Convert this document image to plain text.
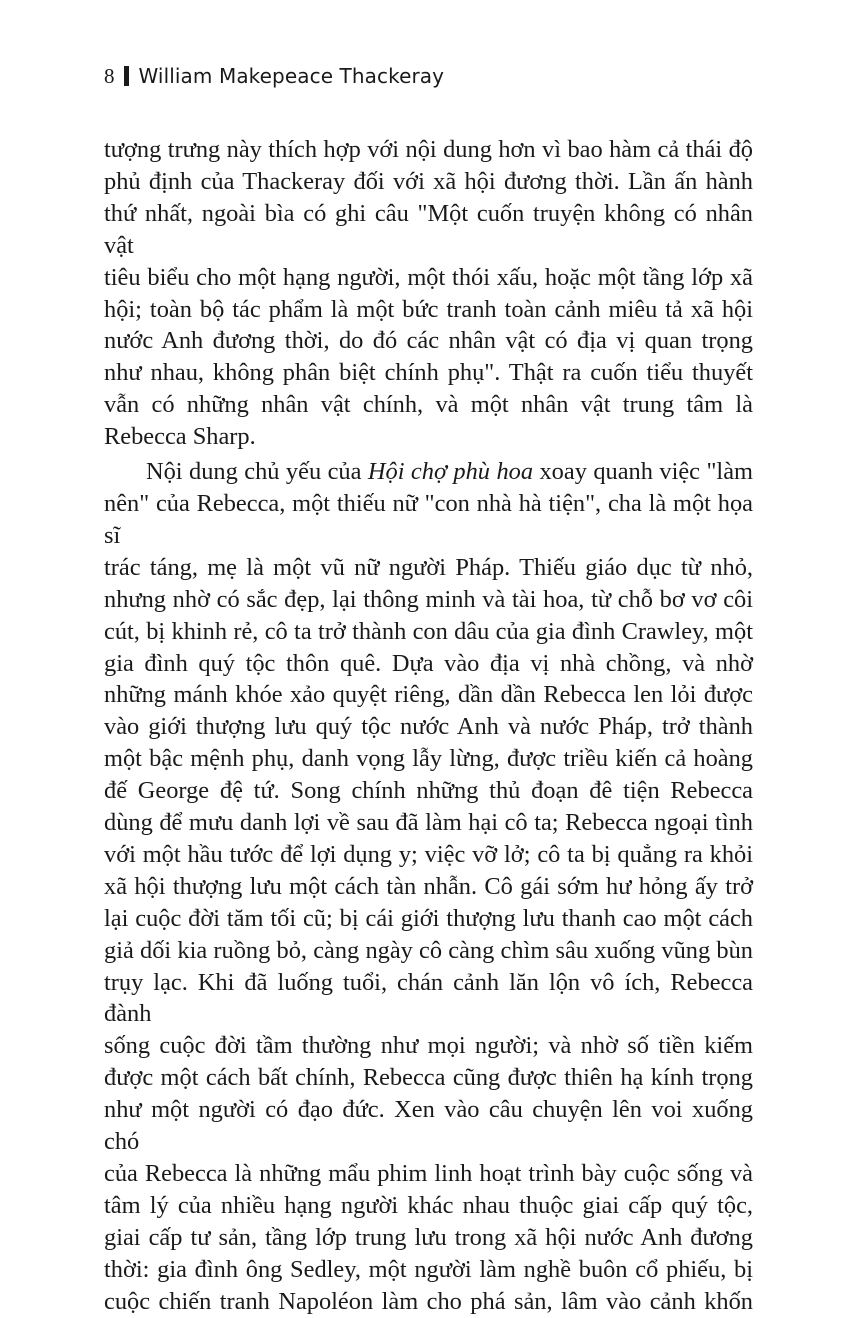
8 William Makepeace Thackeray

tượng trưng này thích hợp với nội dung hơn vì bao hàm cả thái độ

phủ định của Thackeray đối với xã hội đương thời. Lần ấn hành

thứ nhất, ngoài bìa có ghi câu "Một cuốn truyện không có nhân vật

tiêu biểu cho một hạng người, một thói xấu, hoặc một tầng lớp xã

hội; toàn bộ tác phẩm là một bức tranh toàn cảnh miêu tả xã hội

nước Anh đương thời, do đó các nhân vật có địa vị quan trọng

như nhau, không phân biệt chính phụ". Thật ra cuốn tiểu thuyết

vẫn có những nhân vật chính, và một nhân vật trung tâm là

Rebecca Sharp.

Nội dung chủ yếu của Hội chợ phù hoa xoay quanh việc "làm

nên" của Rebecca, một thiếu nữ "con nhà hà tiện", cha là một họa sĩ

trác táng, mẹ là một vũ nữ người Pháp. Thiếu giáo dục từ nhỏ,

nhưng nhờ có sắc đẹp, lại thông minh và tài hoa, từ chỗ bơ vơ côi

cút, bị khinh rẻ, cô ta trở thành con dâu của gia đình Crawley, một

gia đình quý tộc thôn quê. Dựa vào địa vị nhà chồng, và nhờ

những mánh khóe xảo quyệt riêng, dần dần Rebecca len lỏi được

vào giới thượng lưu quý tộc nước Anh và nước Pháp, trở thành

một bậc mệnh phụ, danh vọng lẫy lừng, được triều kiến cả hoàng

đế George đệ tứ. Song chính những thủ đoạn đê tiện Rebecca

dùng để mưu danh lợi về sau đã làm hại cô ta; Rebecca ngoại tình

với một hầu tước để lợi dụng y; việc vỡ lở; cô ta bị quẳng ra khỏi

xã hội thượng lưu một cách tàn nhẫn. Cô gái sớm hư hỏng ấy trở

lại cuộc đời tăm tối cũ; bị cái giới thượng lưu thanh cao một cách

giả dối kia ruồng bỏ, càng ngày cô càng chìm sâu xuống vũng bùn

trụy lạc. Khi đã luống tuổi, chán cảnh lăn lộn vô ích, Rebecca đành

sống cuộc đời tầm thường như mọi người; và nhờ số tiền kiếm

được một cách bất chính, Rebecca cũng được thiên hạ kính trọng

như một người có đạo đức. Xen vào câu chuyện lên voi xuống chó

của Rebecca là những mẩu phim linh hoạt trình bày cuộc sống và

tâm lý của nhiều hạng người khác nhau thuộc giai cấp quý tộc,

giai cấp tư sản, tầng lớp trung lưu trong xã hội nước Anh đương

thời: gia đình ông Sedley, một người làm nghề buôn cổ phiếu, bị

cuộc chiến tranh Napoléon làm cho phá sản, lâm vào cảnh khốn
